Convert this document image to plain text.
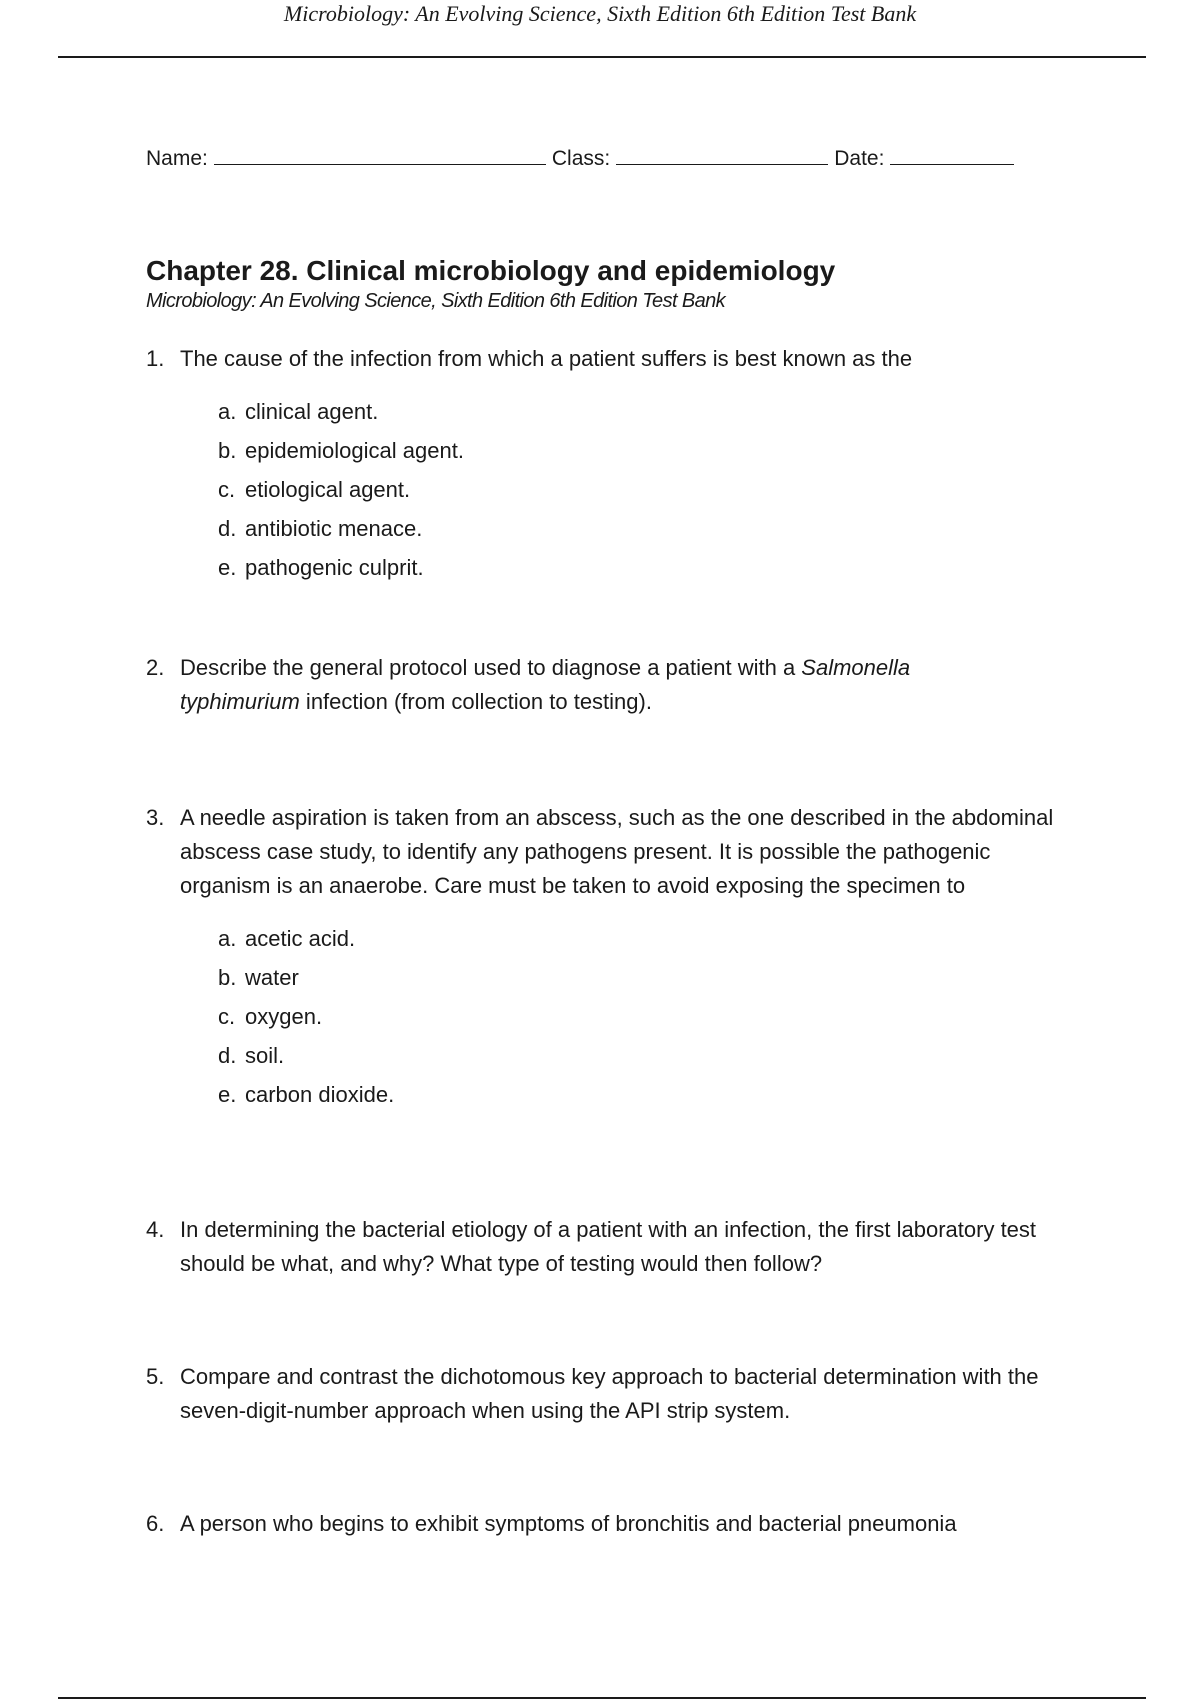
Microbiology: An Evolving Science, Sixth Edition 6th Edition Test Bank
Name:	Class:	Date:
Chapter 28. Clinical microbiology and epidemiology
Microbiology: An Evolving Science, Sixth Edition 6th Edition Test Bank
1. The cause of the infection from which a patient suffers is best known as the
a. clinical agent.
b. epidemiological agent.
c. etiological agent.
d. antibiotic menace.
e. pathogenic culprit.
2. Describe the general protocol used to diagnose a patient with a Salmonella typhimurium infection (from collection to testing).
3. A needle aspiration is taken from an abscess, such as the one described in the abdominal abscess case study, to identify any pathogens present. It is possible the pathogenic organism is an anaerobe. Care must be taken to avoid exposing the specimen to
a. acetic acid.
b. water
c. oxygen.
d. soil.
e. carbon dioxide.
4. In determining the bacterial etiology of a patient with an infection, the first laboratory test should be what, and why? What type of testing would then follow?
5. Compare and contrast the dichotomous key approach to bacterial determination with the seven-digit-number approach when using the API strip system.
6. A person who begins to exhibit symptoms of bronchitis and bacterial pneumonia
